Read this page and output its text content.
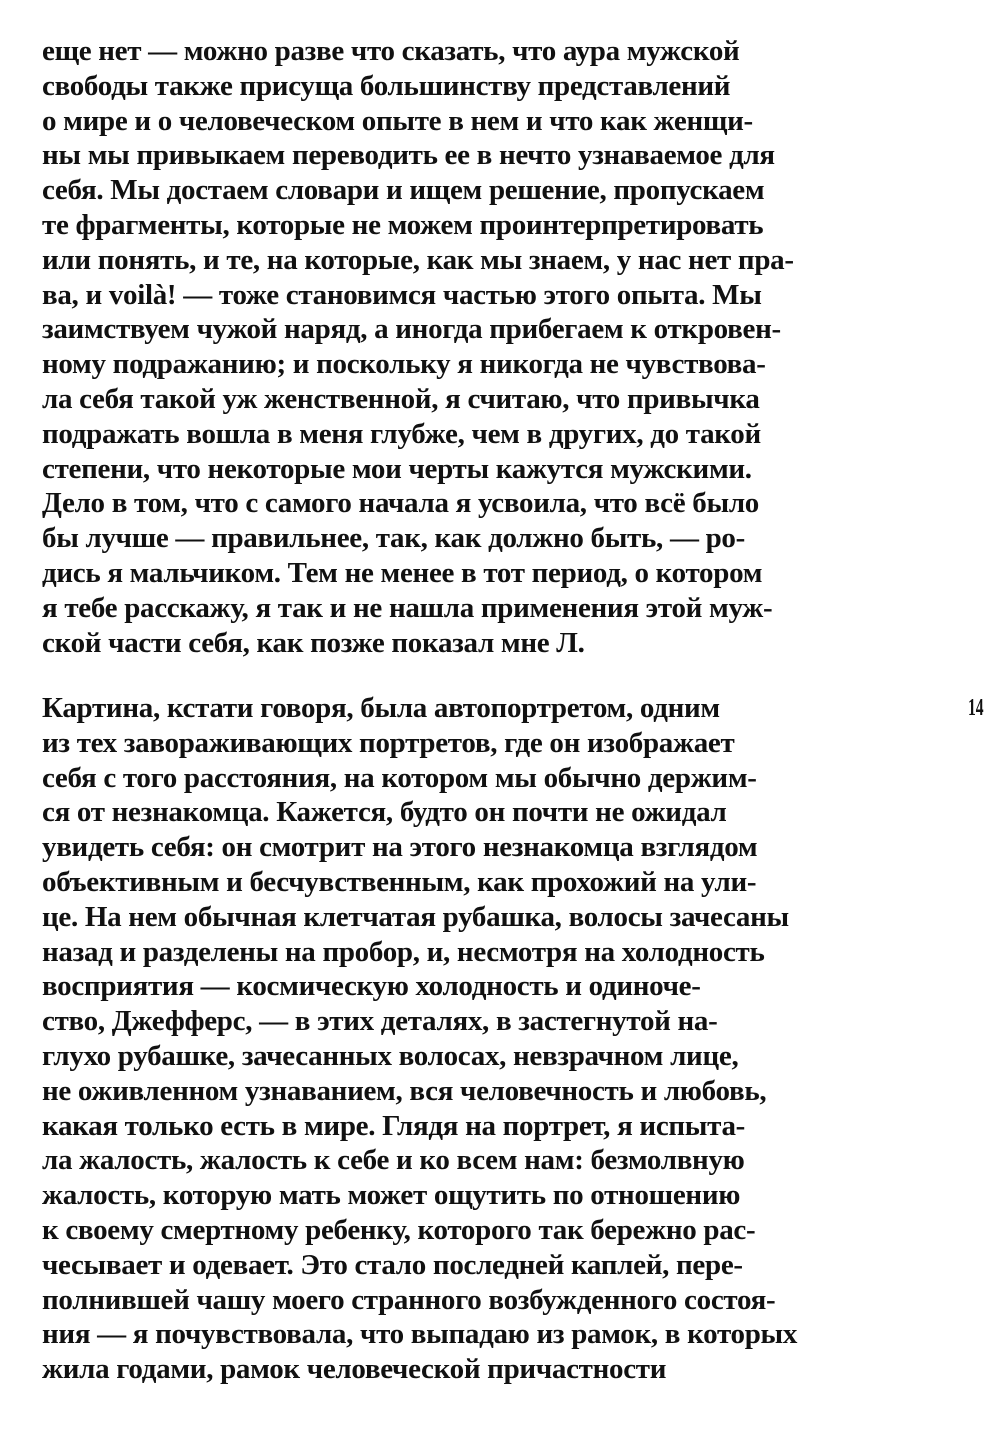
еще нет — можно разве что сказать, что аура мужской
свободы также присуща большинству представлений
о мире и о человеческом опыте в нем и что как женщи-
ны мы привыкаем переводить ее в нечто узнаваемое для
себя. Мы достаем словари и ищем решение, пропускаем
те фрагменты, которые не можем проинтерпретировать
или понять, и те, на которые, как мы знаем, у нас нет пра-
ва, и voilà! — тоже становимся частью этого опыта. Мы
заимствуем чужой наряд, а иногда прибегаем к откровен-
ному подражанию; и поскольку я никогда не чувствова-
ла себя такой уж женственной, я считаю, что привычка
подражать вошла в меня глубже, чем в других, до такой
степени, что некоторые мои черты кажутся мужскими.
Дело в том, что с самого начала я усвоила, что всё было
бы лучше — правильнее, так, как должно быть, — ро-
дись я мальчиком. Тем не менее в тот период, о котором
я тебе расскажу, я так и не нашла применения этой муж-
ской части себя, как позже показал мне Л.
Картина, кстати говоря, была автопортретом, одним
из тех завораживающих портретов, где он изображает
себя с того расстояния, на котором мы обычно держим-
ся от незнакомца. Кажется, будто он почти не ожидал
увидеть себя: он смотрит на этого незнакомца взглядом
объективным и бесчувственным, как прохожий на ули-
це. На нем обычная клетчатая рубашка, волосы зачесаны
назад и разделены на пробор, и, несмотря на холодность
восприятия — космическую холодность и одиноче-
ство, Джефферс, — в этих деталях, в застегнутой на-
глухо рубашке, зачесанных волосах, невзрачном лице,
не оживленном узнаванием, вся человечность и любовь,
какая только есть в мире. Глядя на портрет, я испыта-
ла жалость, жалость к себе и ко всем нам: безмолвную
жалость, которую мать может ощутить по отношению
к своему смертному ребенку, которого так бережно рас-
чесывает и одевает. Это стало последней каплей, пере-
полнившей чашу моего странного возбужденного состоя-
ния — я почувствовала, что выпадаю из рамок, в которых
жила годами, рамок человеческой причастности
14
